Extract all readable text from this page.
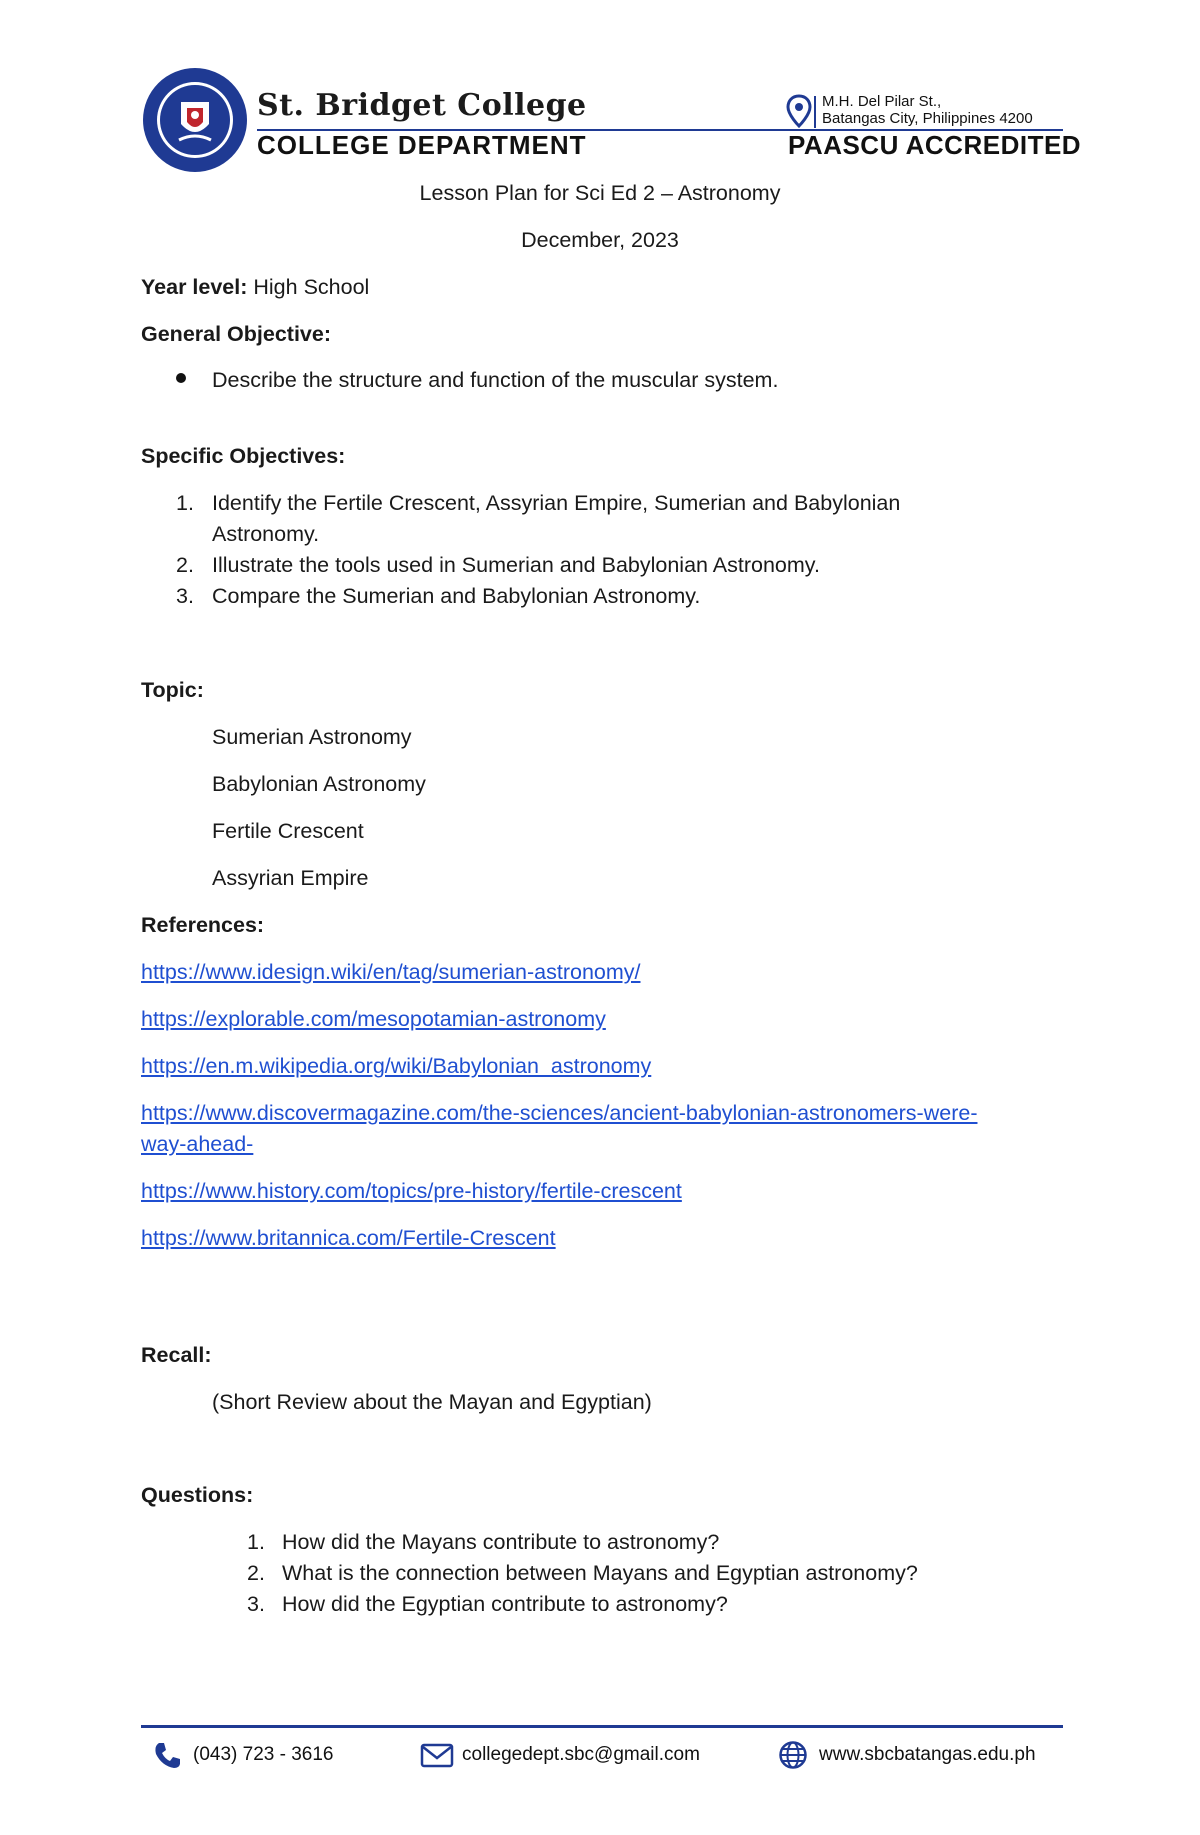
St. Bridget College
COLLEGE DEPARTMENT
M.H. Del Pilar St.,
Batangas City, Philippines 4200
PAASCU ACCREDITED
Lesson Plan for Sci Ed 2 – Astronomy
December, 2023
Year level: High School
General Objective:
Describe the structure and function of the muscular system.
Specific Objectives:
1. Identify the Fertile Crescent, Assyrian Empire, Sumerian and Babylonian
Astronomy.
2. Illustrate the tools used in Sumerian and Babylonian Astronomy.
3. Compare the Sumerian and Babylonian Astronomy.
Topic:
Sumerian Astronomy
Babylonian Astronomy
Fertile Crescent
Assyrian Empire
References:
https://www.idesign.wiki/en/tag/sumerian-astronomy/
https://explorable.com/mesopotamian-astronomy
https://en.m.wikipedia.org/wiki/Babylonian_astronomy
https://www.discovermagazine.com/the-sciences/ancient-babylonian-astronomers-were-
way-ahead-
https://www.history.com/topics/pre-history/fertile-crescent
https://www.britannica.com/Fertile-Crescent
Recall:
(Short Review about the Mayan and Egyptian)
Questions:
1. How did the Mayans contribute to astronomy?
2. What is the connection between Mayans and Egyptian astronomy?
3. How did the Egyptian contribute to astronomy?
(043) 723 - 3616	collegedept.sbc@gmail.com	www.sbcbatangas.edu.ph
